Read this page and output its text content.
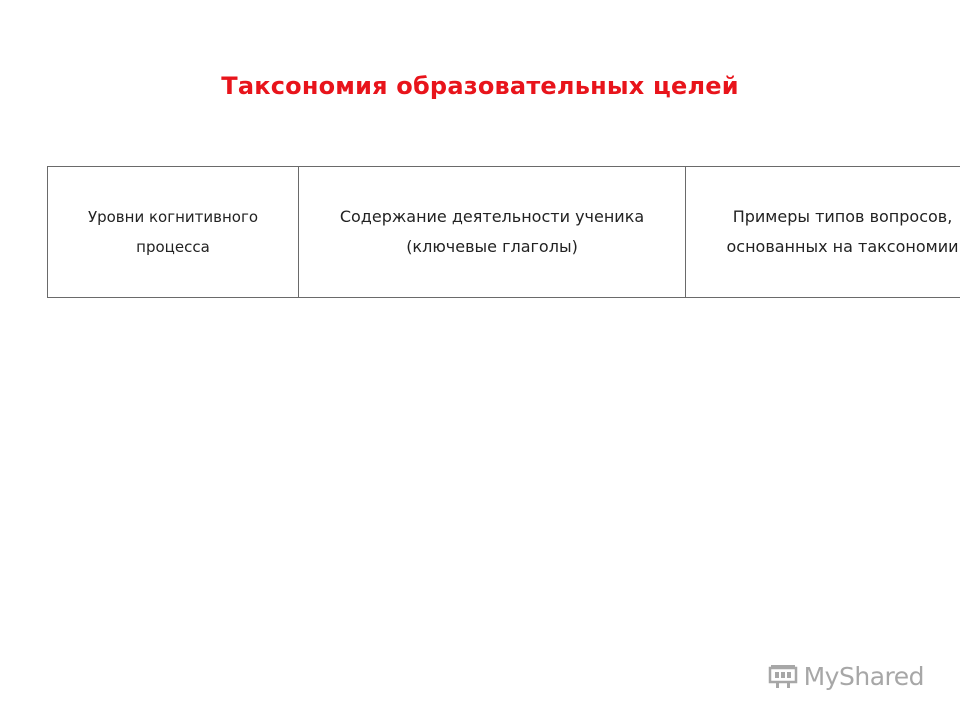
Таксономия образовательных целей
Уровни когнитивного процесса	Содержание деятельности ученика (ключевые глаголы)	Примеры типов вопросов, основанных на таксономии
MyShared
